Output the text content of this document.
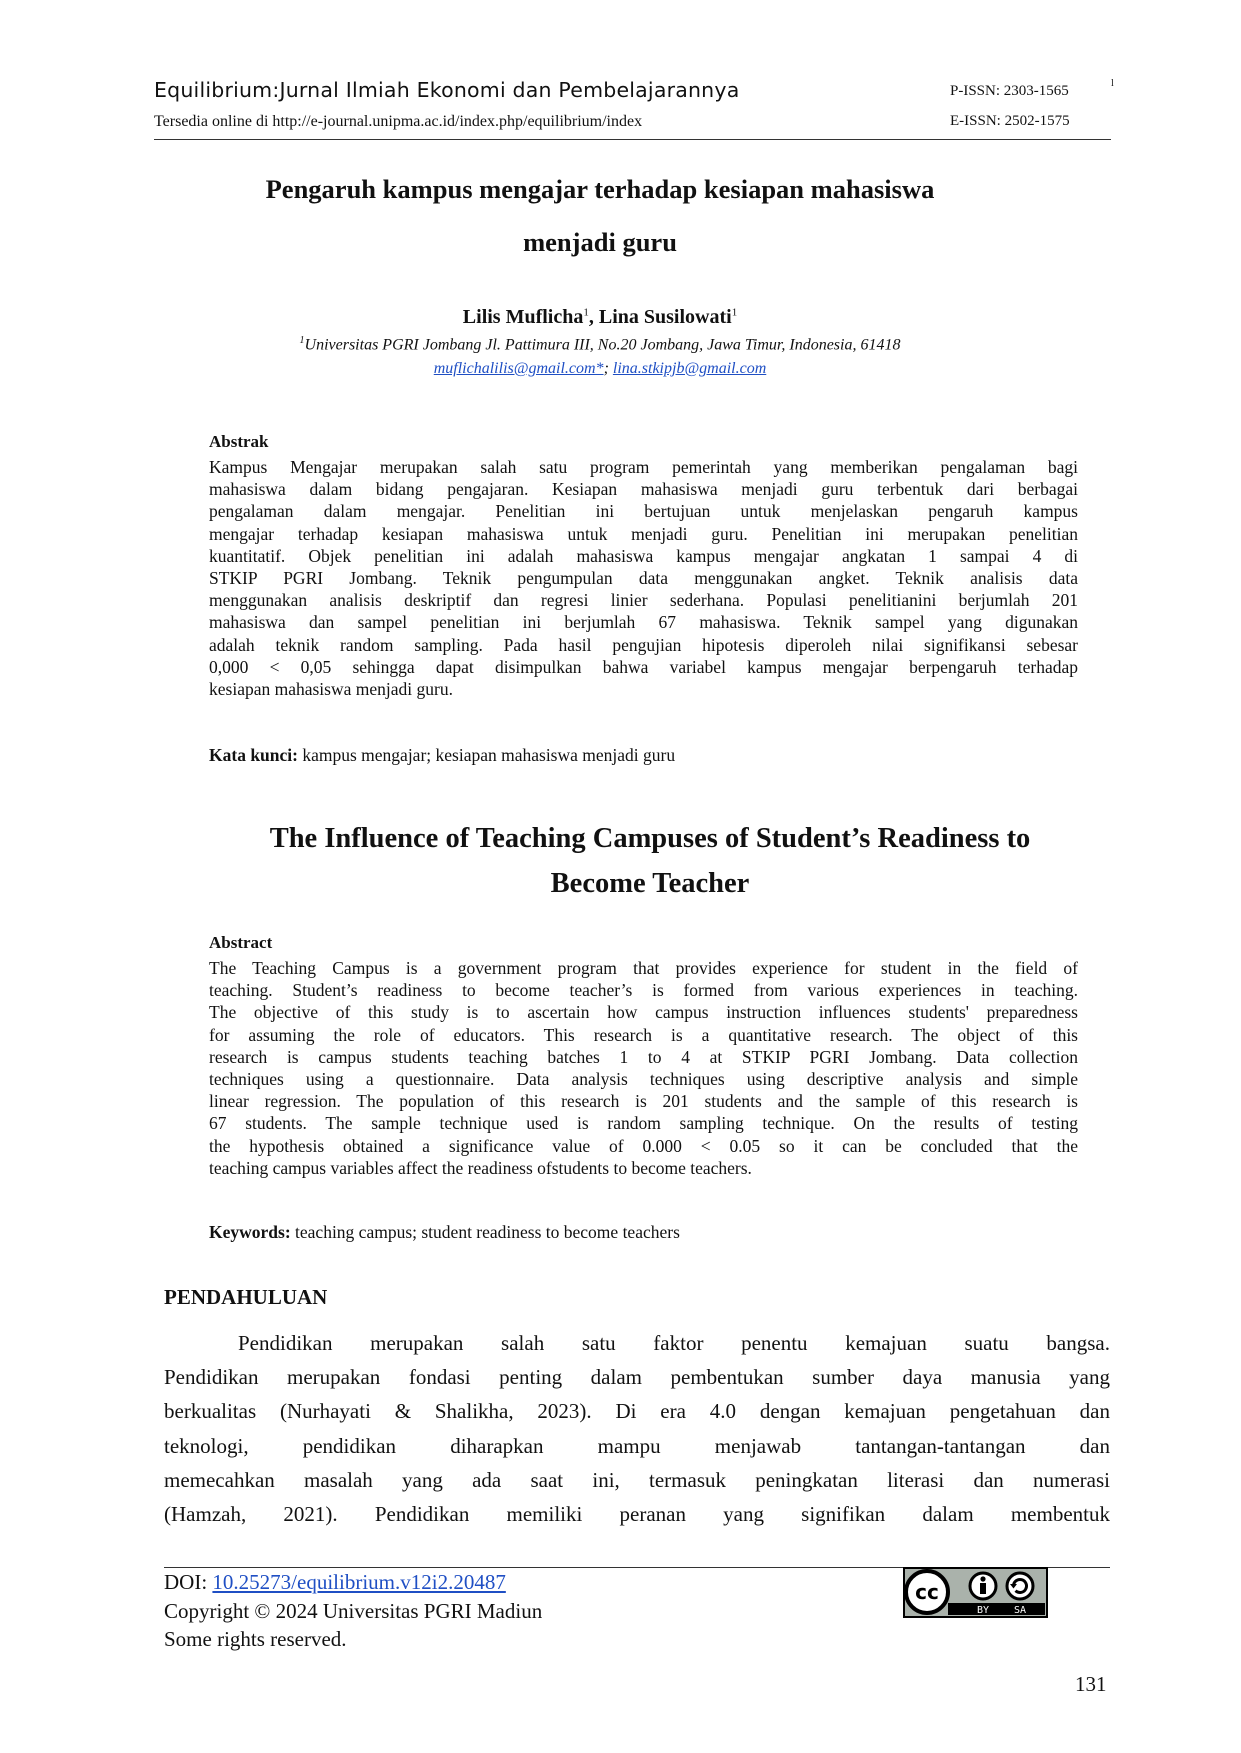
Equilibrium:Jurnal Ilmiah Ekonomi dan Pembelajarannya	P-ISSN: 2303-1565	l
Tersedia online di http://e-journal.unipma.ac.id/index.php/equilibrium/index	E-ISSN: 2502-1575
Pengaruh kampus mengajar terhadap kesiapan mahasiswa
menjadi guru
Lilis Muflicha$^1$, Lina Susilowati$^1$
$^1$Universitas PGRI Jombang Jl. Pattimura III, No.20 Jombang, Jawa Timur, Indonesia, 61418
muflichalilis@gmail.com*; lina.stkipjb@gmail.com
Abstrak
Kampus Mengajar merupakan salah satu program pemerintah yang memberikan pengalaman bagi
mahasiswa dalam bidang pengajaran. Kesiapan mahasiswa menjadi guru terbentuk dari berbagai
pengalaman dalam mengajar. Penelitian ini bertujuan untuk menjelaskan pengaruh kampus
mengajar terhadap kesiapan mahasiswa untuk menjadi guru. Penelitian ini merupakan penelitian
kuantitatif. Objek penelitian ini adalah mahasiswa kampus mengajar angkatan 1 sampai 4 di
STKIP PGRI Jombang. Teknik pengumpulan data menggunakan angket. Teknik analisis data
menggunakan analisis deskriptif dan regresi linier sederhana. Populasi penelitianini berjumlah 201
mahasiswa dan sampel penelitian ini berjumlah 67 mahasiswa. Teknik sampel yang digunakan
adalah teknik random sampling. Pada hasil pengujian hipotesis diperoleh nilai signifikansi sebesar
0,000 < 0,05 sehingga dapat disimpulkan bahwa variabel kampus mengajar berpengaruh terhadap
kesiapan mahasiswa menjadi guru.
Kata kunci: kampus mengajar; kesiapan mahasiswa menjadi guru
The Influence of Teaching Campuses of Student’s Readiness to
Become Teacher
Abstract
The Teaching Campus is a government program that provides experience for student in the field of
teaching. Student’s readiness to become teacher’s is formed from various experiences in teaching.
The objective of this study is to ascertain how campus instruction influences students' preparedness
for assuming the role of educators. This research is a quantitative research. The object of this
research is campus students teaching batches 1 to 4 at STKIP PGRI Jombang. Data collection
techniques using a questionnaire. Data analysis techniques using descriptive analysis and simple
linear regression. The population of this research is 201 students and the sample of this research is
67 students. The sample technique used is random sampling technique. On the results of testing
the hypothesis obtained a significance value of 0.000 < 0.05 so it can be concluded that the
teaching campus variables affect the readiness ofstudents to become teachers.
Keywords: teaching campus; student readiness to become teachers
PENDAHULUAN
Pendidikan merupakan salah satu faktor penentu kemajuan suatu bangsa.
Pendidikan merupakan fondasi penting dalam pembentukan sumber daya manusia yang
berkualitas (Nurhayati & Shalikha, 2023). Di era 4.0 dengan kemajuan pengetahuan dan
teknologi, pendidikan diharapkan mampu menjawab tantangan-tantangan dan
memecahkan masalah yang ada saat ini, termasuk peningkatan literasi dan numerasi
(Hamzah, 2021). Pendidikan memiliki peranan yang signifikan dalam membentuk
DOI: 10.25273/equilibrium.v12i2.20487
Copyright © 2024 Universitas PGRI Madiun
Some rights reserved.
cc
BY SA
131
